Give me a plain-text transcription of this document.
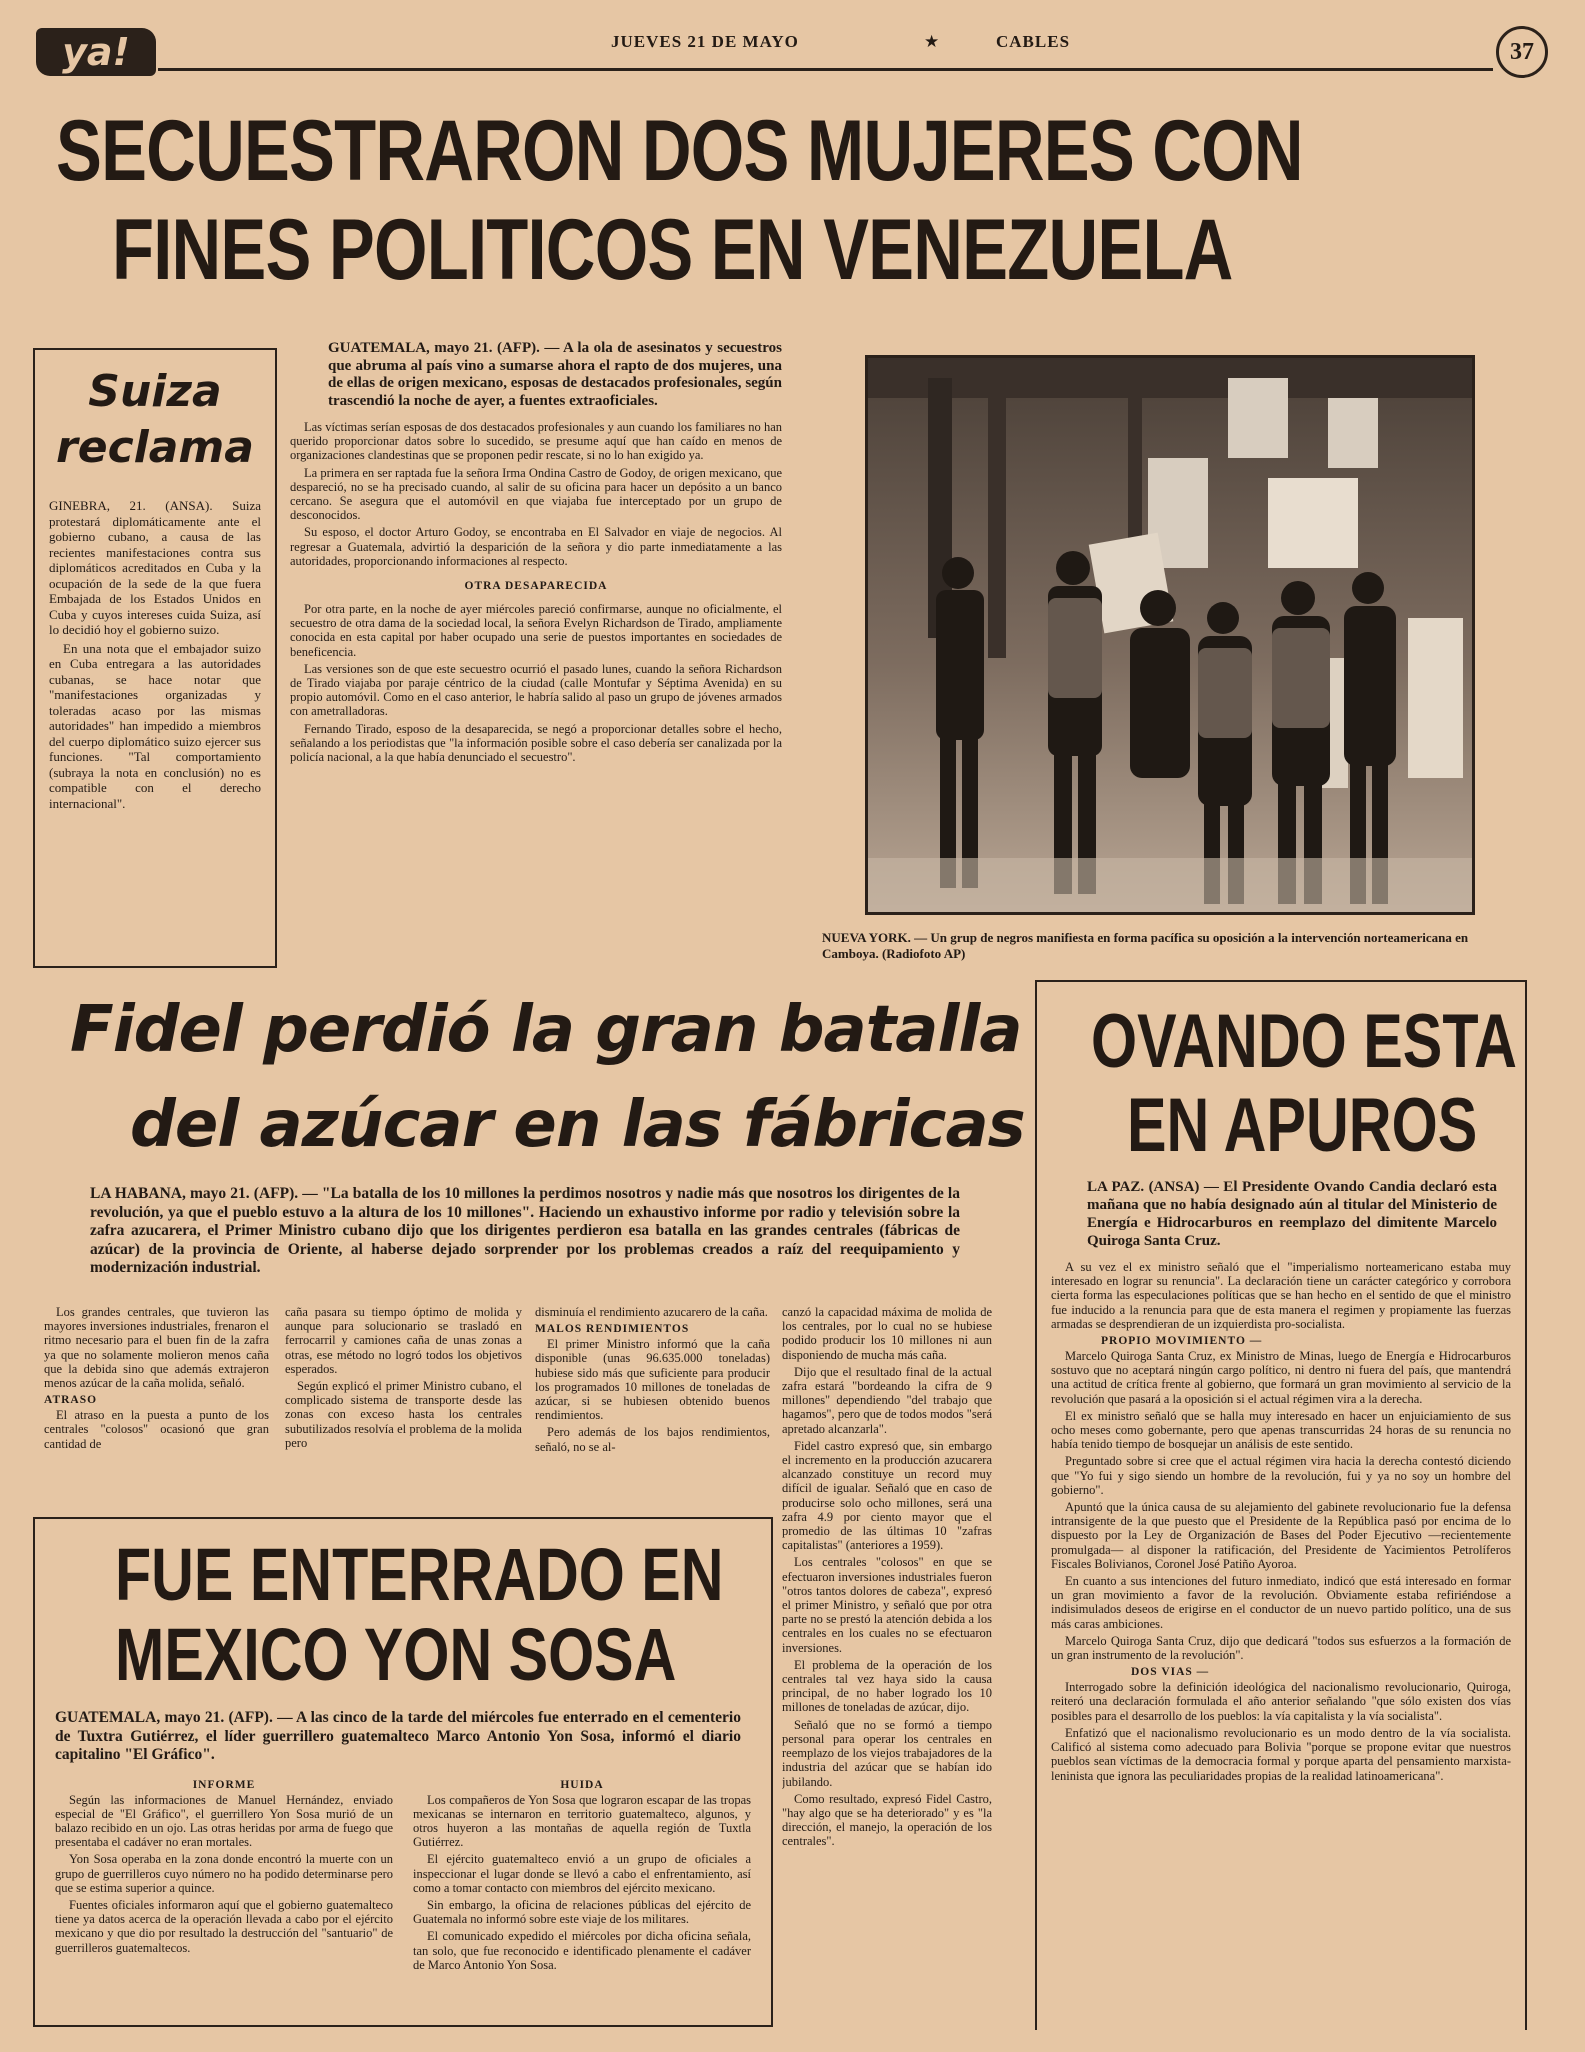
ya!	JUEVES 21 DE MAYO	★	CABLES	37
SECUESTRARON DOS MUJERES CON
FINES POLITICOS EN VENEZUELA
Suiza
reclama

GINEBRA, 21. (ANSA). Suiza protestará diplomáticamente ante el gobierno cubano, a causa de las recientes manifestaciones contra sus diplomáticos acreditados en Cuba y la ocupación de la sede de la que fuera Embajada de los Estados Unidos en Cuba y cuyos intereses cuida Suiza, así lo decidió hoy el gobierno suizo.

En una nota que el embajador suizo en Cuba entregara a las autoridades cubanas, se hace notar que "manifestaciones organizadas y toleradas acaso por las mismas autoridades" han impedido a miembros del cuerpo diplomático suizo ejercer sus funciones. "Tal comportamiento (subraya la nota en conclusión) no es compatible con el derecho internacional".

GUATEMALA, mayo 21. (AFP). — A la ola de asesinatos y secuestros que abruma al país vino a sumarse ahora el rapto de dos mujeres, una de ellas de origen mexicano, esposas de destacados profesionales, según trascendió la noche de ayer, a fuentes extraoficiales.

Las víctimas serían esposas de dos destacados profesionales y aun cuando los familiares no han querido proporcionar datos sobre lo sucedido, se presume aquí que han caído en menos de organizaciones clandestinas que se proponen pedir rescate, si no lo han exigido ya.

La primera en ser raptada fue la señora Irma Ondina Castro de Godoy, de origen mexicano, que despareció, no se ha precisado cuando, al salir de su oficina para hacer un depósito a un banco cercano. Se asegura que el automóvil en que viajaba fue interceptado por un grupo de desconocidos.

Su esposo, el doctor Arturo Godoy, se encontraba en El Salvador en viaje de negocios. Al regresar a Guatemala, advirtió la desparición de la señora y dio parte inmediatamente a las autoridades, proporcionando informaciones al respecto.

OTRA DESAPARECIDA

Por otra parte, en la noche de ayer miércoles pareció confirmarse, aunque no oficialmente, el secuestro de otra dama de la sociedad local, la señora Evelyn Richardson de Tirado, ampliamente conocida en esta capital por haber ocupado una serie de puestos importantes en sociedades de beneficencia.

Las versiones son de que este secuestro ocurrió el pasado lunes, cuando la señora Richardson de Tirado viajaba por paraje céntrico de la ciudad (calle Montufar y Séptima Avenida) en su propio automóvil. Como en el caso anterior, le habría salido al paso un grupo de jóvenes armados con ametralladoras.

Fernando Tirado, esposo de la desaparecida, se negó a proporcionar detalles sobre el hecho, señalando a los periodistas que "la información posible sobre el caso debería ser canalizada por la policía nacional, a la que había denunciado el secuestro".

NUEVA YORK. — Un grup de negros manifiesta en forma pacífica su oposición a la intervención norteamericana en Camboya. (Radiofoto AP)
Fidel perdió la gran batalla
del azúcar en las fábricas

LA HABANA, mayo 21. (AFP). — "La batalla de los 10 millones la perdimos nosotros y nadie más que nosotros los dirigentes de la revolución, ya que el pueblo estuvo a la altura de los 10 millones". Haciendo un exhaustivo informe por radio y televisión sobre la zafra azucarera, el Primer Ministro cubano dijo que los dirigentes perdieron esa batalla en las grandes centrales (fábricas de azúcar) de la provincia de Oriente, al haberse dejado sorprender por los problemas creados a raíz del reequipamiento y modernización industrial.

Los grandes centrales, que tuvieron las mayores inversiones industriales, frenaron el ritmo necesario para el buen fin de la zafra ya que no solamente molieron menos caña que la debida sino que además extrajeron menos azúcar de la caña molida, señaló.

ATRASO

El atraso en la puesta a punto de los centrales "colosos" ocasionó que gran cantidad de

caña pasara su tiempo óptimo de molida y aunque para solucionario se trasladó en ferrocarril y camiones caña de unas zonas a otras, ese método no logró todos los objetivos esperados.

Según explicó el primer Ministro cubano, el complicado sistema de transporte desde las zonas con exceso hasta los centrales subutilizados resolvía el problema de la molida pero

disminuía el rendimiento azucarero de la caña.

MALOS RENDIMIENTOS

El primer Ministro informó que la caña disponible (unas 96.635.000 toneladas) hubiese sido más que suficiente para producir los programados 10 millones de toneladas de azúcar, si se hubiesen obtenido buenos rendimientos.

Pero además de los bajos rendimientos, señaló, no se al-

canzó la capacidad máxima de molida de los centrales, por lo cual no se hubiese podido producir los 10 millones ni aun disponiendo de mucha más caña.

Dijo que el resultado final de la actual zafra estará "bordeando la cifra de 9 millones" dependiendo "del trabajo que hagamos", pero que de todos modos "será apretado alcanzarla".

Fidel castro expresó que, sin embargo el incremento en la producción azucarera alcanzado constituye un record muy difícil de igualar. Señaló que en caso de producirse solo ocho millones, será una zafra 4.9 por ciento mayor que el promedio de las últimas 10 "zafras capitalistas" (anteriores a 1959).

Los centrales "colosos" en que se efectuaron inversiones industriales fueron "otros tantos dolores de cabeza", expresó el primer Ministro, y señaló que por otra parte no se prestó la atención debida a los centrales en los cuales no se efectuaron inversiones.

El problema de la operación de los centrales tal vez haya sido la causa principal, de no haber logrado los 10 millones de toneladas de azúcar, dijo.

Señaló que no se formó a tiempo personal para operar los centrales en reemplazo de los viejos trabajadores de la industria del azúcar que se habían ido jubilando.

Como resultado, expresó Fidel Castro, "hay algo que se ha deteriorado" y es "la dirección, el manejo, la operación de los centrales".

OVANDO ESTA
EN APUROS

LA PAZ. (ANSA) — El Presidente Ovando Candia declaró esta mañana que no había designado aún al titular del Ministerio de Energía e Hidrocarburos en reemplazo del dimitente Marcelo Quiroga Santa Cruz.

A su vez el ex ministro señaló que el "imperialismo norteamericano estaba muy interesado en lograr su renuncia". La declaración tiene un carácter categórico y corrobora cierta forma las especulaciones políticas que se han hecho en el sentido de que el ministro fue inducido a la renuncia para que de esta manera el regimen y propiamente las fuerzas armadas se desprendieran de un izquierdista pro-socialista.

PROPIO MOVIMIENTO —

Marcelo Quiroga Santa Cruz, ex Ministro de Minas, luego de Energía e Hidrocarburos sostuvo que no aceptará ningún cargo político, ni dentro ni fuera del país, que mantendrá una actitud de crítica frente al gobierno, que formará un gran movimiento al servicio de la revolución que pasará a la oposición si el actual régimen vira a la derecha.

El ex ministro señaló que se halla muy interesado en hacer un enjuiciamiento de sus ocho meses como gobernante, pero que apenas transcurridas 24 horas de su renuncia no había tenido tiempo de bosquejar un análisis de este sentido.

Preguntado sobre si cree que el actual régimen vira hacia la derecha contestó diciendo que "Yo fui y sigo siendo un hombre de la revolución, fui y ya no soy un hombre del gobierno".

Apuntó que la única causa de su alejamiento del gabinete revolucionario fue la defensa intransigente de la que puesto que el Presidente de la República pasó por encima de lo dispuesto por la Ley de Organización de Bases del Poder Ejecutivo —recientemente promulgada— al disponer la ratificación, del Presidente de Yacimientos Petrolíferos Fiscales Bolivianos, Coronel José Patiño Ayoroa.

En cuanto a sus intenciones del futuro inmediato, indicó que está interesado en formar un gran movimiento a favor de la revolución. Obviamente estaba refiriéndose a indisimulados deseos de erigirse en el conductor de un nuevo partido político, una de sus más caras ambiciones.

Marcelo Quiroga Santa Cruz, dijo que dedicará "todos sus esfuerzos a la formación de un gran instrumento de la revolución".

DOS VIAS —

Interrogado sobre la definición ideológica del nacionalismo revolucionario, Quiroga, reiteró una declaración formulada el año anterior señalando "que sólo existen dos vías posibles para el desarrollo de los pueblos: la vía capitalista y la vía socialista".

Enfatizó que el nacionalismo revolucionario es un modo dentro de la vía socialista. Calificó al sistema como adecuado para Bolivia "porque se propone evitar que nuestros pueblos sean víctimas de la democracia formal y porque aparta del pensamiento marxista-leninista que ignora las peculiaridades propias de la realidad latinoamericana".

FUE ENTERRADO EN
MEXICO YON SOSA

GUATEMALA, mayo 21. (AFP). — A las cinco de la tarde del miércoles fue enterrado en el cementerio de Tuxtra Gutiérrez, el líder guerrillero guatemalteco Marco Antonio Yon Sosa, informó el diario capitalino "El Gráfico".

INFORME

Según las informaciones de Manuel Hernández, enviado especial de "El Gráfico", el guerrillero Yon Sosa murió de un balazo recibido en un ojo. Las otras heridas por arma de fuego que presentaba el cadáver no eran mortales.

Yon Sosa operaba en la zona donde encontró la muerte con un grupo de guerrilleros cuyo número no ha podido determinarse pero que se estima superior a quince.

Fuentes oficiales informaron aquí que el gobierno guatemalteco tiene ya datos acerca de la operación llevada a cabo por el ejército mexicano y que dio por resultado la destrucción del "santuario" de guerrilleros guatemaltecos.

HUIDA

Los compañeros de Yon Sosa que lograron escapar de las tropas mexicanas se internaron en territorio guatemalteco, algunos, y otros huyeron a las montañas de aquella región de Tuxtla Gutiérrez.

El ejército guatemalteco envió a un grupo de oficiales a inspeccionar el lugar donde se llevó a cabo el enfrentamiento, así como a tomar contacto con miembros del ejército mexicano.

Sin embargo, la oficina de relaciones públicas del ejército de Guatemala no informó sobre este viaje de los militares.

El comunicado expedido el miércoles por dicha oficina señala, tan solo, que fue reconocido e identificado plenamente el cadáver de Marco Antonio Yon Sosa.
